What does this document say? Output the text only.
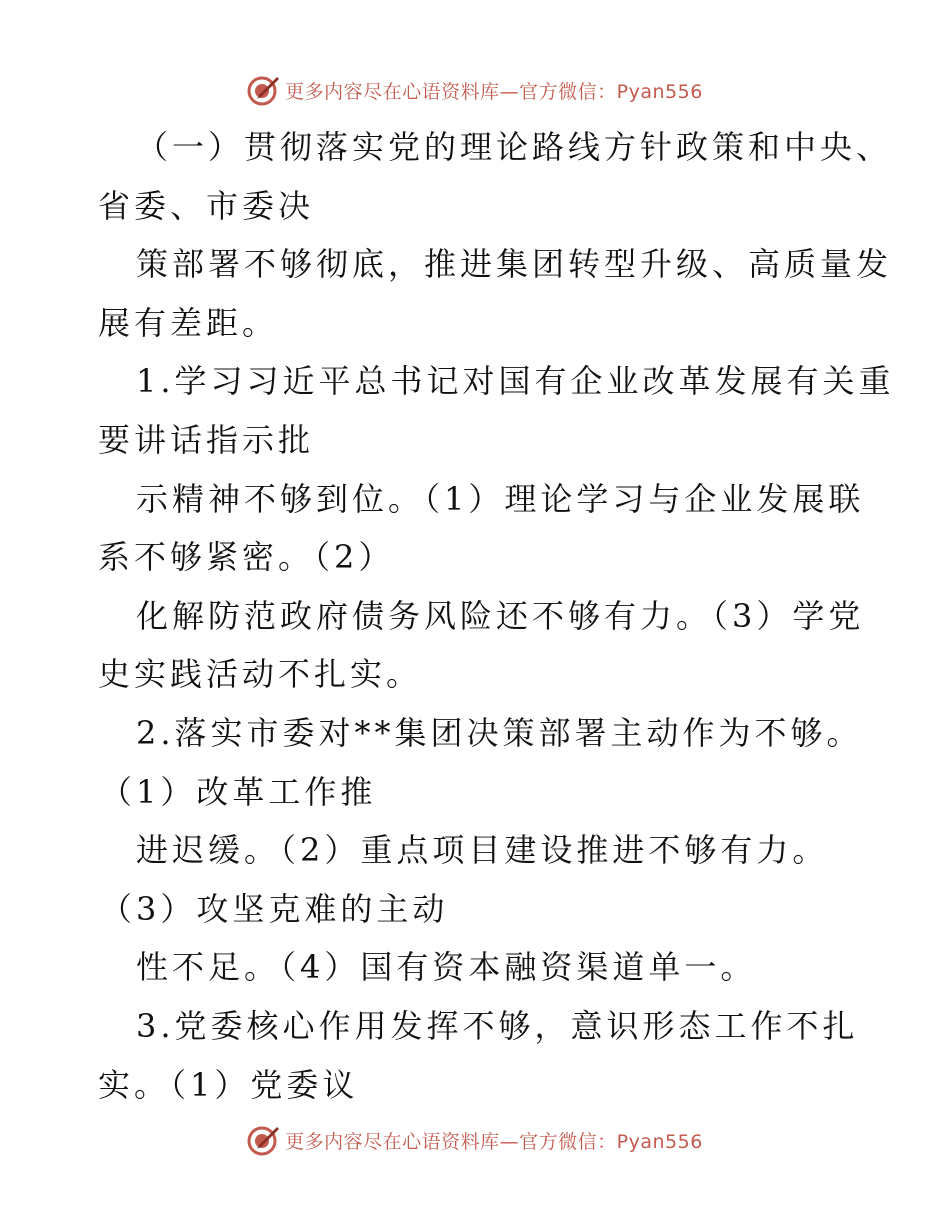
更多内容尽在心语资料库—官方微信：Pyan556
（一）贯彻落实党的理论路线方针政策和中央、
省委、市委决
策部署不够彻底，推进集团转型升级、高质量发
展有差距。
1.学习习近平总书记对国有企业改革发展有关重
要讲话指示批
示精神不够到位。（1）理论学习与企业发展联
系不够紧密。（2）
化解防范政府债务风险还不够有力。（3）学党
史实践活动不扎实。
2.落实市委对**集团决策部署主动作为不够。
（1）改革工作推
进迟缓。（2）重点项目建设推进不够有力。
（3）攻坚克难的主动
性不足。（4）国有资本融资渠道单一。
3.党委核心作用发挥不够，意识形态工作不扎
实。（1）党委议
更多内容尽在心语资料库—官方微信：Pyan556
